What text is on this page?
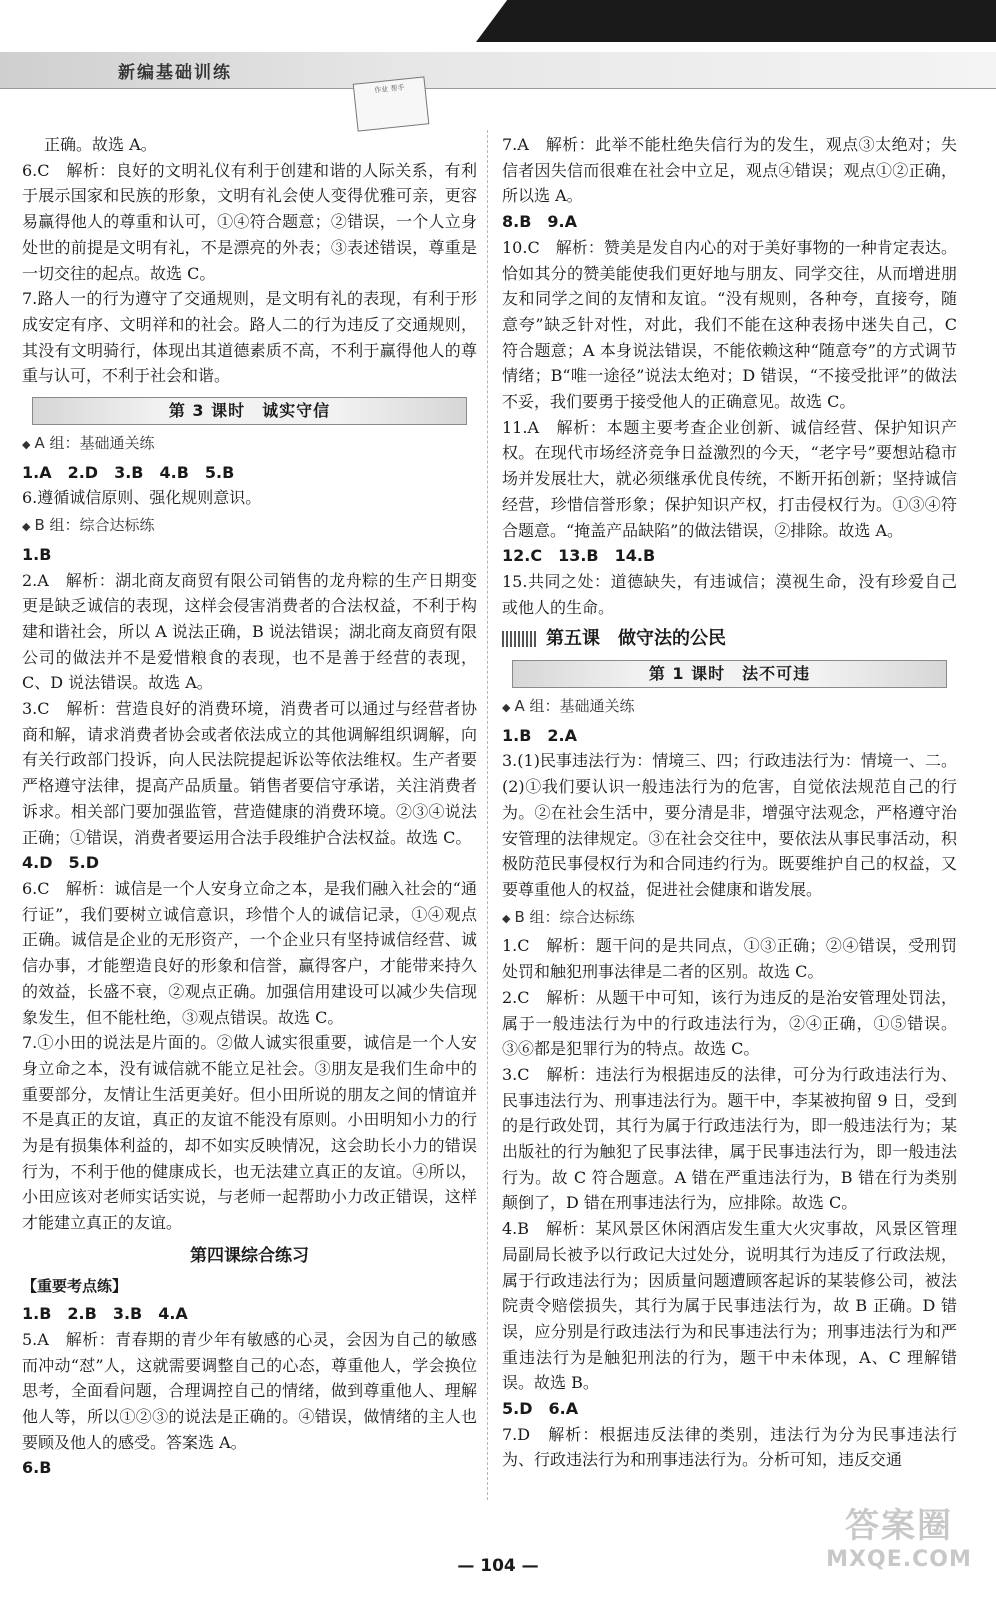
新编基础训练
作业 帮手

正确。故选 A。

6.C　解析：良好的文明礼仪有利于创建和谐的人际关系，有利于展示国家和民族的形象，文明有礼会使人变得优雅可亲，更容易赢得他人的尊重和认可，①④符合题意；②错误，一个人立身处世的前提是文明有礼，不是漂亮的外表；③表述错误，尊重是一切交往的起点。故选 C。

7.路人一的行为遵守了交通规则，是文明有礼的表现，有利于形成安定有序、文明祥和的社会。路人二的行为违反了交通规则，其没有文明骑行，体现出其道德素质不高，不利于赢得他人的尊重与认可，不利于社会和谐。

第 3 课时　诚实守信
◆ A 组：基础通关练

1.A　2.D　3.B　4.B　5.B

6.遵循诚信原则、强化规则意识。

◆ B 组：综合达标练

1.B

2.A　解析：湖北商友商贸有限公司销售的龙舟粽的生产日期变更是缺乏诚信的表现，这样会侵害消费者的合法权益，不利于构建和谐社会，所以 A 说法正确，B 说法错误；湖北商友商贸有限公司的做法并不是爱惜粮食的表现，也不是善于经营的表现，C、D 说法错误。故选 A。

3.C　解析：营造良好的消费环境，消费者可以通过与经营者协商和解，请求消费者协会或者依法成立的其他调解组织调解，向有关行政部门投诉，向人民法院提起诉讼等依法维权。生产者要严格遵守法律，提高产品质量。销售者要信守承诺，关注消费者诉求。相关部门要加强监管，营造健康的消费环境。②③④说法正确；①错误，消费者要运用合法手段维护合法权益。故选 C。

4.D　5.D

6.C　解析：诚信是一个人安身立命之本，是我们融入社会的“通行证”，我们要树立诚信意识，珍惜个人的诚信记录，①④观点正确。诚信是企业的无形资产，一个企业只有坚持诚信经营、诚信办事，才能塑造良好的形象和信誉，赢得客户，才能带来持久的效益，长盛不衰，②观点正确。加强信用建设可以减少失信现象发生，但不能杜绝，③观点错误。故选 C。

7.①小田的说法是片面的。②做人诚实很重要，诚信是一个人安身立命之本，没有诚信就不能立足社会。③朋友是我们生命中的重要部分，友情让生活更美好。但小田所说的朋友之间的情谊并不是真正的友谊，真正的友谊不能没有原则。小田明知小力的行为是有损集体利益的，却不如实反映情况，这会助长小力的错误行为，不利于他的健康成长，也无法建立真正的友谊。④所以，小田应该对老师实话实说，与老师一起帮助小力改正错误，这样才能建立真正的友谊。

第四课综合练习
【重要考点练】

1.B　2.B　3.B　4.A

5.A　解析：青春期的青少年有敏感的心灵，会因为自己的敏感而冲动“怼”人，这就需要调整自己的心态，尊重他人，学会换位思考，全面看问题，合理调控自己的情绪，做到尊重他人、理解他人等，所以①②③的说法是正确的。④错误，做情绪的主人也要顾及他人的感受。答案选 A。

6.B

7.A　解析：此举不能杜绝失信行为的发生，观点③太绝对；失信者因失信而很难在社会中立足，观点④错误；观点①②正确，所以选 A。

8.B　9.A

10.C　解析：赞美是发自内心的对于美好事物的一种肯定表达。恰如其分的赞美能使我们更好地与朋友、同学交往，从而增进朋友和同学之间的友情和友谊。“没有规则，各种夸，直接夸，随意夸”缺乏针对性，对此，我们不能在这种表扬中迷失自己，C 符合题意；A 本身说法错误，不能依赖这种“随意夸”的方式调节情绪；B“唯一途径”说法太绝对；D 错误，“不接受批评”的做法不妥，我们要勇于接受他人的正确意见。故选 C。

11.A　解析：本题主要考查企业创新、诚信经营、保护知识产权。在现代市场经济竞争日益激烈的今天，“老字号”要想站稳市场并发展壮大，就必须继承优良传统，不断开拓创新；坚持诚信经营，珍惜信誉形象；保护知识产权，打击侵权行为。①③④符合题意。“掩盖产品缺陷”的做法错误，②排除。故选 A。

12.C　13.B　14.B

15.共同之处：道德缺失，有违诚信；漠视生命，没有珍爱自己或他人的生命。

第五课　做守法的公民
第 1 课时　法不可违
◆ A 组：基础通关练

1.B　2.A

3.(1)民事违法行为：情境三、四；行政违法行为：情境一、二。(2)①我们要认识一般违法行为的危害，自觉依法规范自己的行为。②在社会生活中，要分清是非，增强守法观念，严格遵守治安管理的法律规定。③在社会交往中，要依法从事民事活动，积极防范民事侵权行为和合同违约行为。既要维护自己的权益，又要尊重他人的权益，促进社会健康和谐发展。

◆ B 组：综合达标练

1.C　解析：题干问的是共同点，①③正确；②④错误，受刑罚处罚和触犯刑事法律是二者的区别。故选 C。

2.C　解析：从题干中可知，该行为违反的是治安管理处罚法，属于一般违法行为中的行政违法行为，②④正确，①⑤错误。③⑥都是犯罪行为的特点。故选 C。

3.C　解析：违法行为根据违反的法律，可分为行政违法行为、民事违法行为、刑事违法行为。题干中，李某被拘留 9 日，受到的是行政处罚，其行为属于行政违法行为，即一般违法行为；某出版社的行为触犯了民事法律，属于民事违法行为，即一般违法行为。故 C 符合题意。A 错在严重违法行为，B 错在行为类别颠倒了，D 错在刑事违法行为，应排除。故选 C。

4.B　解析：某风景区休闲酒店发生重大火灾事故，风景区管理局副局长被予以行政记大过处分，说明其行为违反了行政法规，属于行政违法行为；因质量问题遭顾客起诉的某装修公司，被法院责令赔偿损失，其行为属于民事违法行为，故 B 正确。D 错误，应分别是行政违法行为和民事违法行为；刑事违法行为和严重违法行为是触犯刑法的行为，题干中未体现，A、C 理解错误。故选 B。

5.D　6.A

7.D　解析：根据违反法律的类别，违法行为分为民事违法行为、行政违法行为和刑事违法行为。分析可知，违反交通

— 104 —
答案圈
MXQE.COM
